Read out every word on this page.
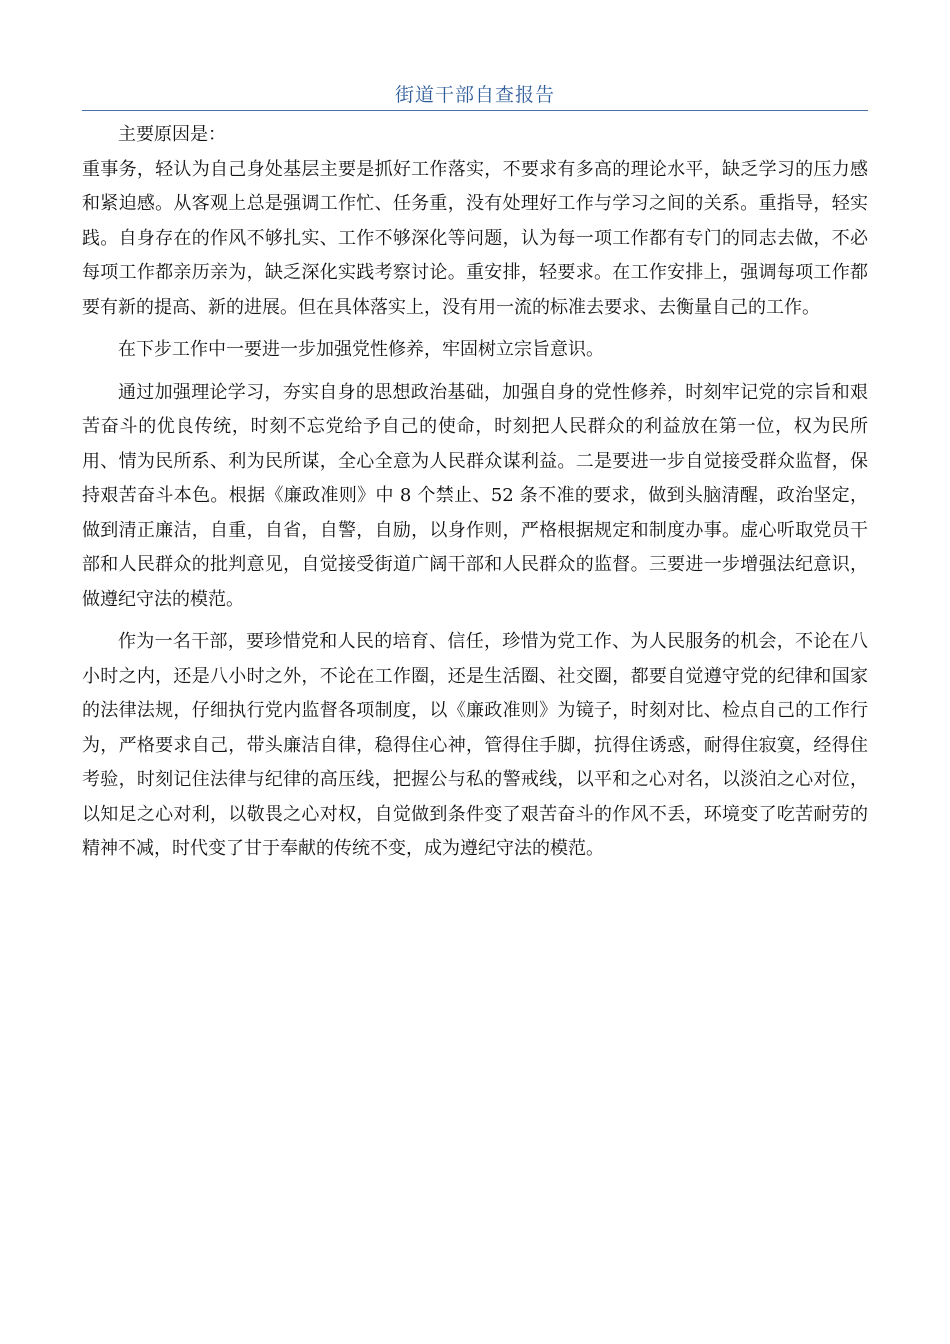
街道干部自查报告

主要原因是：

重事务，轻认为自己身处基层主要是抓好工作落实，不要求有多高的理论水平，缺乏学习的压力感和紧迫感。从客观上总是强调工作忙、任务重，没有处理好工作与学习之间的关系。重指导，轻实践。自身存在的作风不够扎实、工作不够深化等问题，认为每一项工作都有专门的同志去做，不必每项工作都亲历亲为，缺乏深化实践考察讨论。重安排，轻要求。在工作安排上，强调每项工作都要有新的提高、新的进展。但在具体落实上，没有用一流的标准去要求、去衡量自己的工作。

在下步工作中一要进一步加强党性修养，牢固树立宗旨意识。

通过加强理论学习，夯实自身的思想政治基础，加强自身的党性修养，时刻牢记党的宗旨和艰苦奋斗的优良传统，时刻不忘党给予自己的使命，时刻把人民群众的利益放在第一位，权为民所用、情为民所系、利为民所谋，全心全意为人民群众谋利益。二是要进一步自觉接受群众监督，保持艰苦奋斗本色。根据《廉政准则》中 8 个禁止、52 条不准的要求，做到头脑清醒，政治坚定，做到清正廉洁，自重，自省，自警，自励，以身作则，严格根据规定和制度办事。虚心听取党员干部和人民群众的批判意见，自觉接受街道广阔干部和人民群众的监督。三要进一步增强法纪意识，做遵纪守法的模范。

作为一名干部，要珍惜党和人民的培育、信任，珍惜为党工作、为人民服务的机会，不论在八小时之内，还是八小时之外，不论在工作圈，还是生活圈、社交圈，都要自觉遵守党的纪律和国家的法律法规，仔细执行党内监督各项制度，以《廉政准则》为镜子，时刻对比、检点自己的工作行为，严格要求自己，带头廉洁自律，稳得住心神，管得住手脚，抗得住诱惑，耐得住寂寞，经得住考验，时刻记住法律与纪律的高压线，把握公与私的警戒线，以平和之心对名，以淡泊之心对位，以知足之心对利，以敬畏之心对权，自觉做到条件变了艰苦奋斗的作风不丢，环境变了吃苦耐劳的精神不减，时代变了甘于奉献的传统不变，成为遵纪守法的模范。
